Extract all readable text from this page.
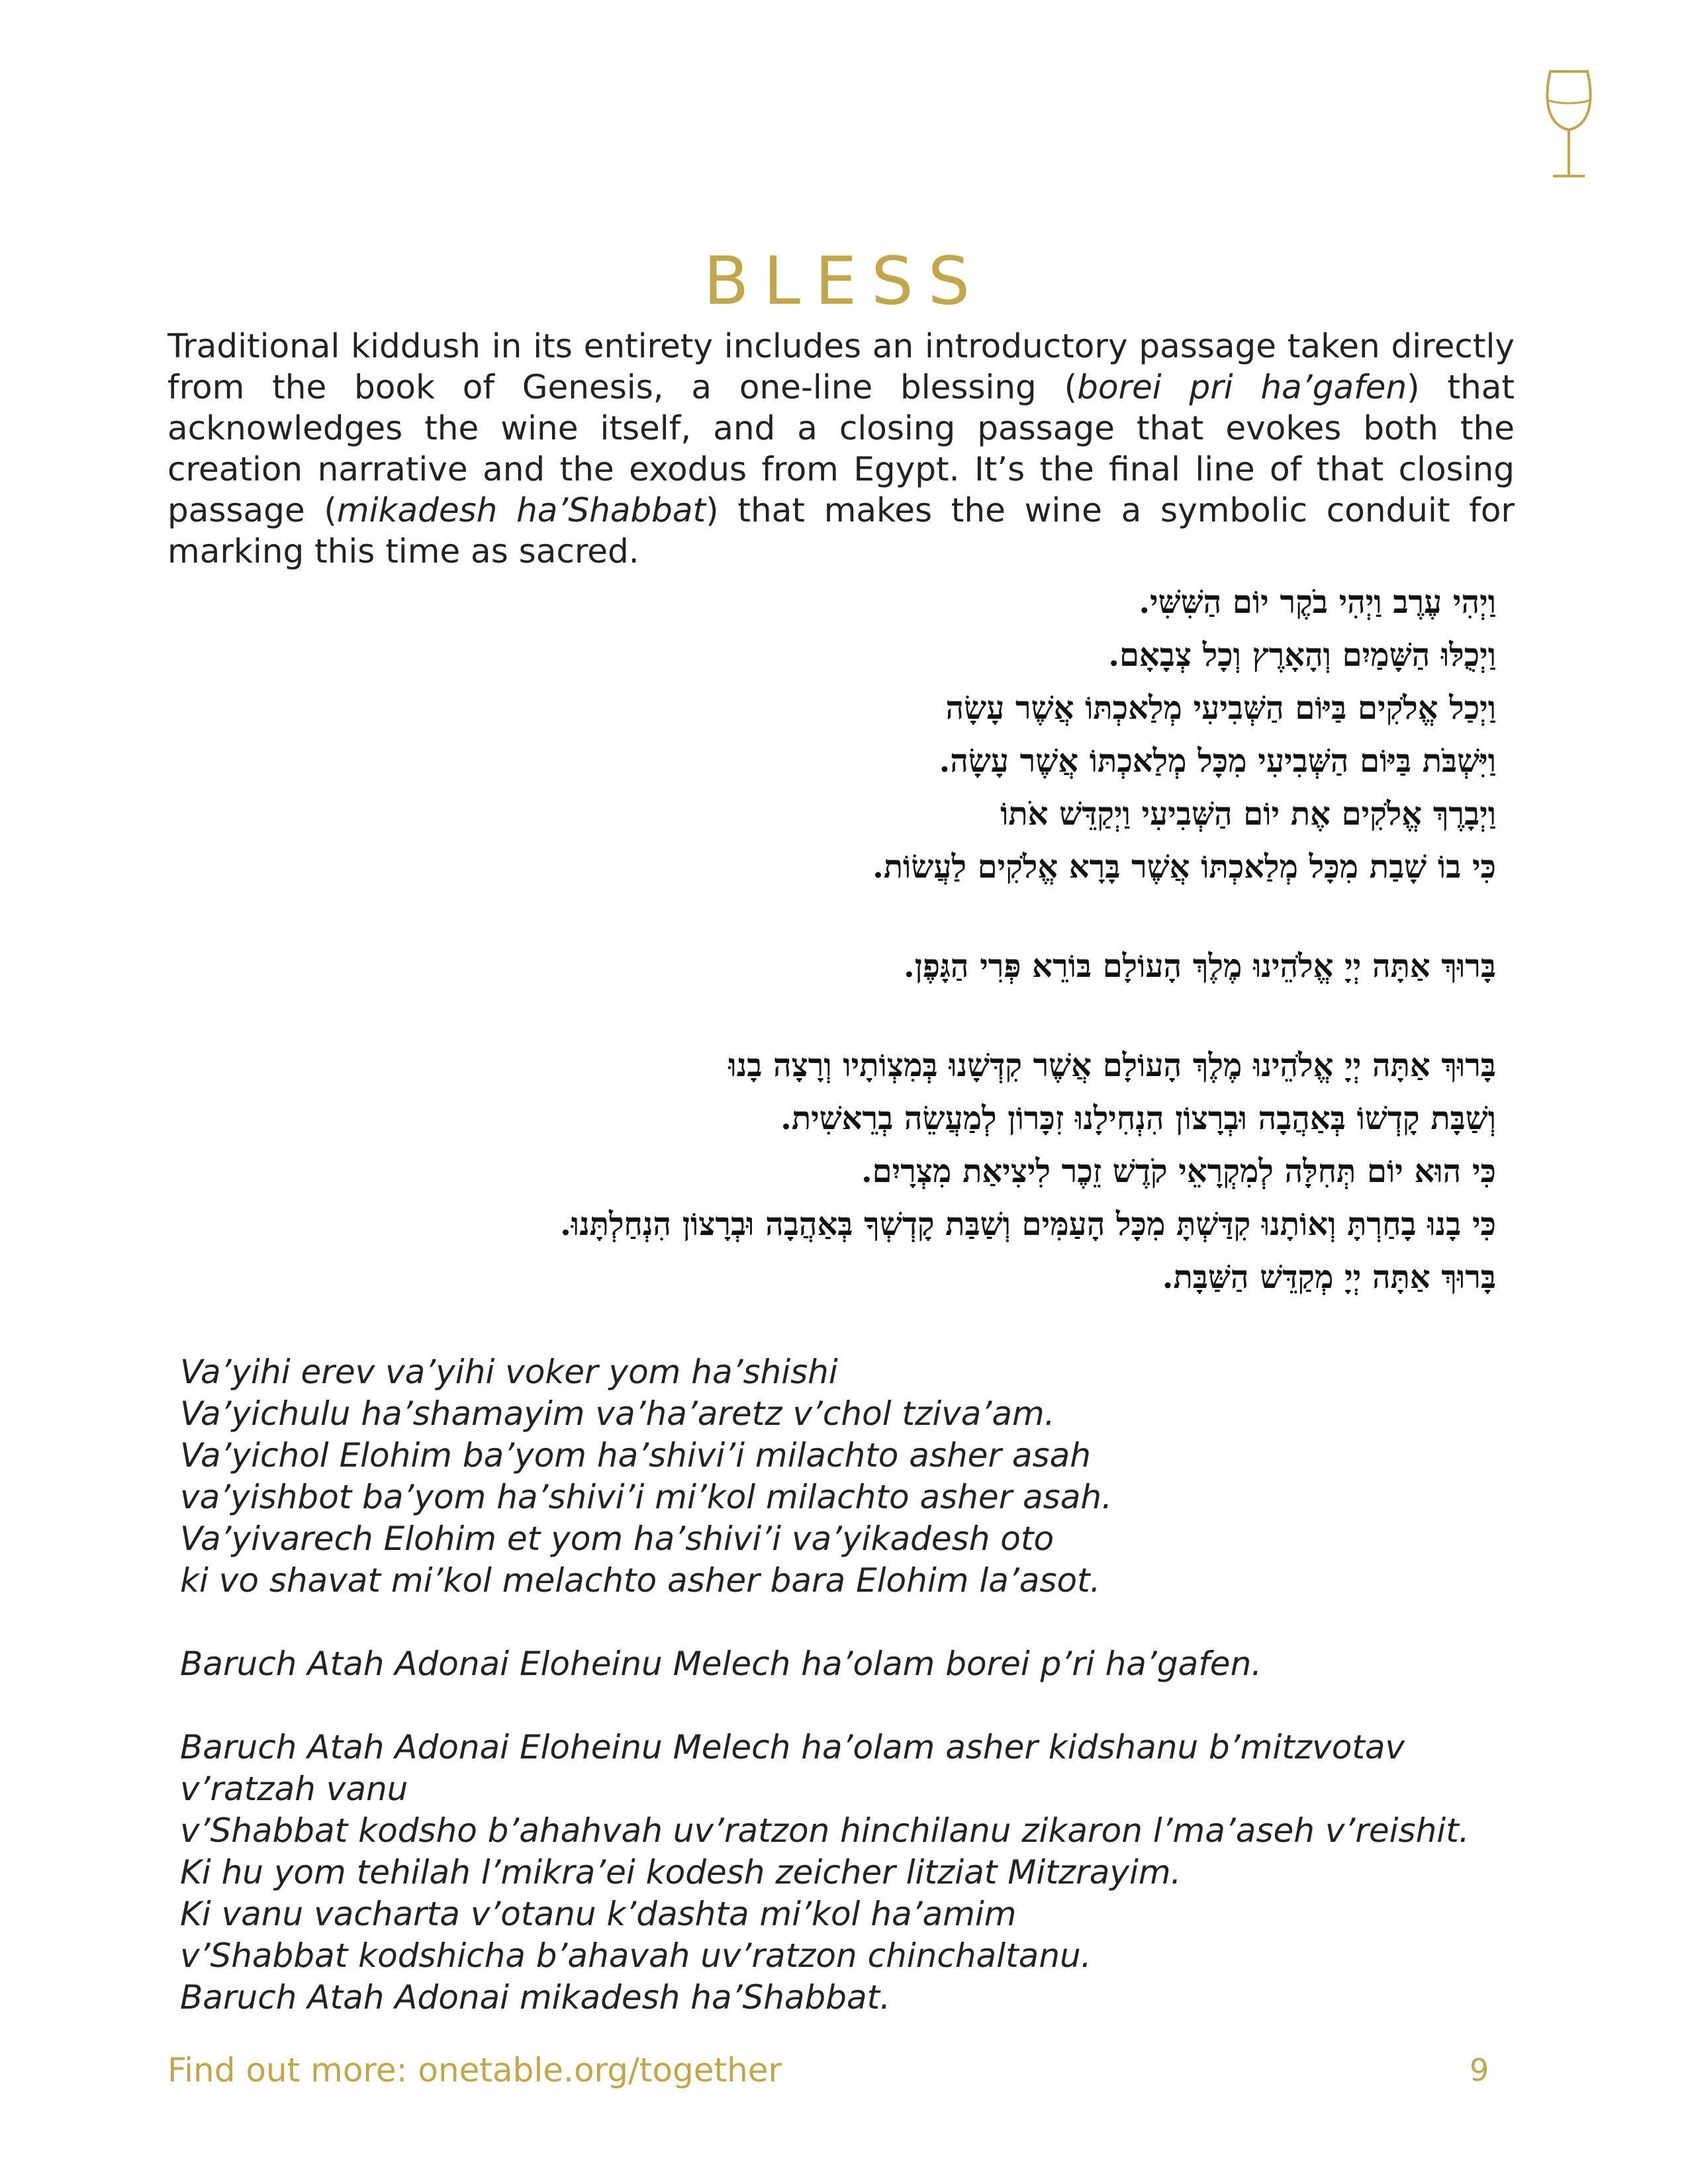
BLESS

Traditional kiddush in its entirety includes an introductory passage taken directly from the book of Genesis, a one-line blessing (borei pri ha’gafen) that acknowledges the wine itself, and a closing passage that evokes both the creation narrative and the exodus from Egypt. It’s the final line of that closing passage (mikadesh ha’Shabbat) that makes the wine a symbolic conduit for marking this time as sacred.

וַיְהִי עֶרֶב וַיְהִי בֹקֶר יוֹם הַשִּׁשִּׁי.
וַיְכֻלּוּ הַשָּׁמַיִם וְהָאָרֶץ וְכָל צְבָאָם.
וַיְכַל אֱלֹקִים בַּיּוֹם הַשְּׁבִיעִי מְלַאכְתּוֹ אֲשֶׁר עָשָׂה
וַיִּשְׁבֹּת בַּיּוֹם הַשְּׁבִיעִי מִכָּל מְלַאכְתּוֹ אֲשֶׁר עָשָׂה.
וַיְבָרֶךְ אֱלֹקִים אֶת יוֹם הַשְּׁבִיעִי וַיְקַדֵּשׁ אֹתוֹ
כִּי בוֹ שָׁבַת מִכָּל מְלַאכְתּוֹ אֲשֶׁר בָּרָא אֱלֹקִים לַעֲשׂוֹת.
בָּרוּךְ אַתָּה יְיָ אֱלֹהֵינוּ מֶלֶךְ הָעוֹלָם בּוֹרֵא פְּרִי הַגָּפֶן.
בָּרוּךְ אַתָּה יְיָ אֱלֹהֵינוּ מֶלֶךְ הָעוֹלָם אֲשֶׁר קִדְּשָׁנוּ בְּמִצְוֹתָיו וְרָצָה בָנוּ
וְשַׁבָּת קָדְשׁוֹ בְּאַהֲבָה וּבְרָצוֹן הִנְחִילָנוּ זִכָּרוֹן לְמַעֲשֵׂה בְרֵאשִׁית.
כִּי הוּא יוֹם תְּחִלָּה לְמִקְרָאֵי קֹדֶשׁ זֵכֶר לִיצִיאַת מִצְרָיִם.
כִּי בָנוּ בָחַרְתָּ וְאוֹתָנוּ קִדַּשְׁתָּ מִכָּל הָעַמִּים וְשַׁבַּת קָדְשְׁךָ בְּאַהֲבָה וּבְרָצוֹן הִנְחַלְתָּנוּ.
בָּרוּךְ אַתָּה יְיָ מְקַדֵּשׁ הַשַּׁבָּת.
Va’yihi erev va’yihi voker yom ha’shishi
Va’yichulu ha’shamayim va’ha’aretz v’chol tziva’am.
Va’yichol Elohim ba’yom ha’shivi’i milachto asher asah
va’yishbot ba’yom ha’shivi’i mi’kol milachto asher asah.
Va’yivarech Elohim et yom ha’shivi’i va’yikadesh oto
ki vo shavat mi’kol melachto asher bara Elohim la’asot.
Baruch Atah Adonai Eloheinu Melech ha’olam borei p’ri ha’gafen.
Baruch Atah Adonai Eloheinu Melech ha’olam asher kidshanu b’mitzvotav
v’ratzah vanu
v’Shabbat kodsho b’ahahvah uv’ratzon hinchilanu zikaron l’ma’aseh v’reishit.
Ki hu yom tehilah l’mikra’ei kodesh zeicher litziat Mitzrayim.
Ki vanu vacharta v’otanu k’dashta mi’kol ha’amim
v’Shabbat kodshicha b’ahavah uv’ratzon chinchaltanu.
Baruch Atah Adonai mikadesh ha’Shabbat.
Find out more: onetable.org/together	9
